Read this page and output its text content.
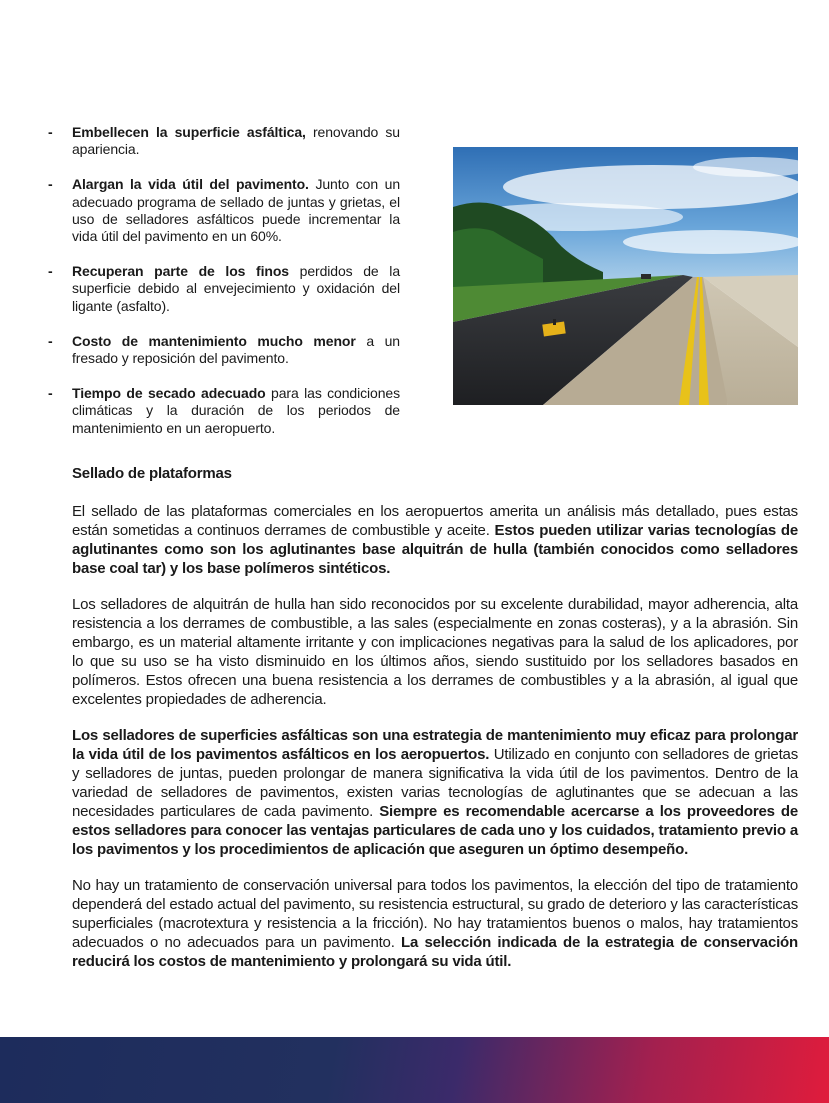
- Embellecen la superficie asfáltica, renovando su apariencia.
- Alargan la vida útil del pavimento. Junto con un adecuado programa de sellado de juntas y grietas, el uso de selladores asfálticos puede incrementar la vida útil del pavimento en un 60%.
- Recuperan parte de los finos perdidos de la superficie debido al envejecimiento y oxidación del ligante (asfalto).
- Costo de mantenimiento mucho menor a un fresado y reposición del pavimento.
- Tiempo de secado adecuado para las condiciones climáticas y la duración de los periodos de mantenimiento en un aeropuerto.
Sellado de plataformas

El sellado de las plataformas comerciales en los aeropuertos amerita un análisis más detallado, pues estas están sometidas a continuos derrames de combustible y aceite. Estos pueden utilizar varias tecnologías de aglutinantes como son los aglutinantes base alquitrán de hulla (también conocidos como selladores base coal tar) y los base polímeros sintéticos.

Los selladores de alquitrán de hulla han sido reconocidos por su excelente durabilidad, mayor adherencia, alta resistencia a los derrames de combustible, a las sales (especialmente en zonas costeras), y a la abrasión. Sin embargo, es un material altamente irritante y con implicaciones negativas para la salud de los aplicadores, por lo que su uso se ha visto disminuido en los últimos años, siendo sustituido por los selladores basados en polímeros. Estos ofrecen una buena resistencia a los derrames de combustibles y a la abrasión, al igual que excelentes propiedades de adherencia.

Los selladores de superficies asfálticas son una estrategia de mantenimiento muy eficaz para prolongar la vida útil de los pavimentos asfálticos en los aeropuertos. Utilizado en conjunto con selladores de grietas y selladores de juntas, pueden prolongar de manera significativa la vida útil de los pavimentos. Dentro de la variedad de selladores de pavimentos, existen varias tecnologías de aglutinantes que se adecuan a las necesidades particulares de cada pavimento. Siempre es recomendable acercarse a los proveedores de estos selladores para conocer las ventajas particulares de cada uno y los cuidados, tratamiento previo a los pavimentos y los procedimientos de aplicación que aseguren un óptimo desempeño.

No hay un tratamiento de conservación universal para todos los pavimentos, la elección del tipo de tratamiento dependerá del estado actual del pavimento, su resistencia estructural, su grado de deterioro y las características superficiales (macrotextura y resistencia a la fricción). No hay tratamientos buenos o malos, hay tratamientos adecuados o no adecuados para un pavimento. La selección indicada de la estrategia de conservación reducirá los costos de mantenimiento y prolongará su vida útil.
